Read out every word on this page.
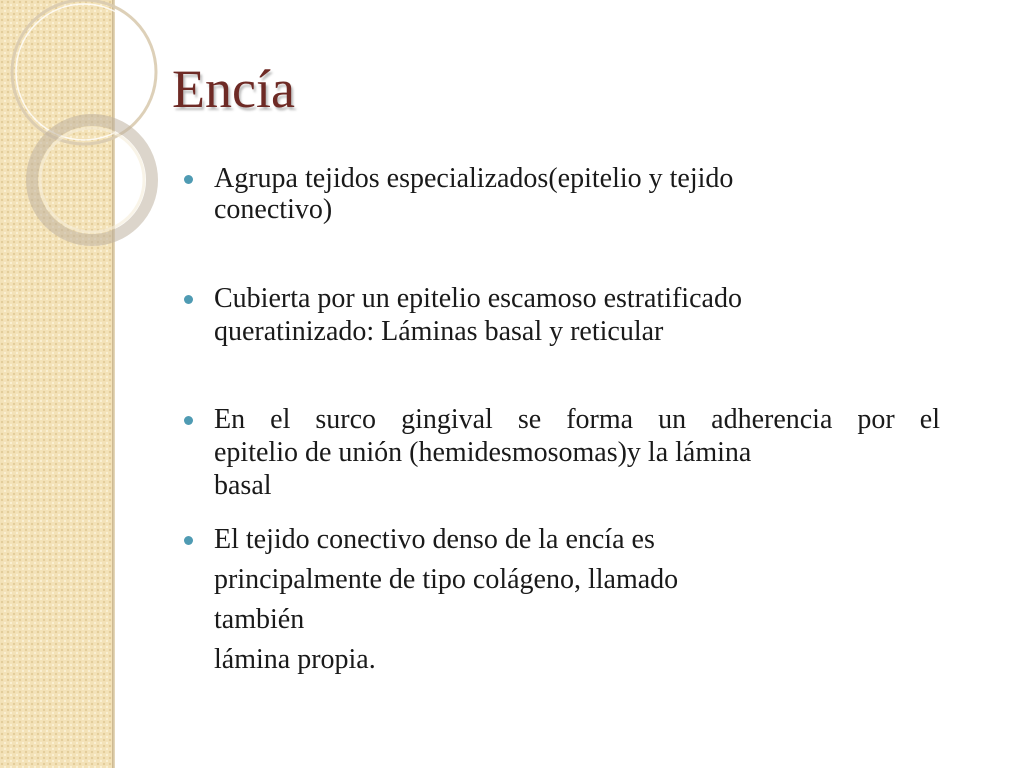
Encía
Agrupa tejidos especializados(epitelio y tejido
conectivo)
Cubierta por un epitelio escamoso estratificado
queratinizado: Láminas basal y reticular
En el surco gingival se forma un adherencia por el
epitelio de unión (hemidesmosomas)y la lámina
basal
El tejido conectivo denso de la encía es
principalmente de tipo colágeno, llamado
también
lámina propia.
